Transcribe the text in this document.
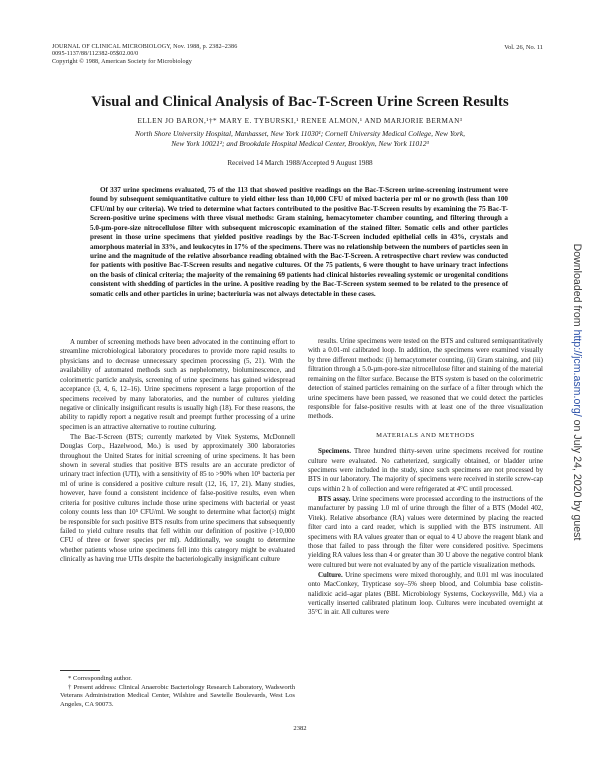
JOURNAL OF CLINICAL MICROBIOLOGY, Nov. 1988, p. 2382–2386
0095-1137/88/112382-05$02.00/0
Copyright © 1988, American Society for Microbiology
Vol. 26, No. 11
Visual and Clinical Analysis of Bac-T-Screen Urine Screen Results
ELLEN JO BARON,¹†* MARY E. TYBURSKI,¹ RENEE ALMON,¹ AND MARJORIE BERMAN³
North Shore University Hospital, Manhasset, New York 11030¹; Cornell University Medical College, New York,
New York 10021²; and Brookdale Hospital Medical Center, Brooklyn, New York 11012³
Received 14 March 1988/Accepted 9 August 1988
Of 337 urine specimens evaluated, 75 of the 113 that showed positive readings on the Bac-T-Screen urine-screening instrument were found by subsequent semiquantitative culture to yield either less than 10,000 CFU of mixed bacteria per ml or no growth (less than 100 CFU/ml by our criteria). We tried to determine what factors contributed to the positive Bac-T-Screen results by examining the 75 Bac-T-Screen-positive urine specimens with three visual methods: Gram staining, hemacytometer chamber counting, and filtering through a 5.0-µm-pore-size nitrocellulose filter with subsequent microscopic examination of the stained filter. Somatic cells and other particles present in those urine specimens that yielded positive readings by the Bac-T-Screen included epithelial cells in 43%, crystals and amorphous material in 33%, and leukocytes in 17% of the specimens. There was no relationship between the numbers of particles seen in urine and the magnitude of the relative absorbance reading obtained with the Bac-T-Screen. A retrospective chart review was conducted for patients with positive Bac-T-Screen results and negative cultures. Of the 75 patients, 6 were thought to have urinary tract infections on the basis of clinical criteria; the majority of the remaining 69 patients had clinical histories revealing systemic or urogenital conditions consistent with shedding of particles in the urine. A positive reading by the Bac-T-Screen system seemed to be related to the presence of somatic cells and other particles in urine; bacteriuria was not always detectable in these cases.

A number of screening methods have been advocated in the continuing effort to streamline microbiological laboratory procedures to provide more rapid results to physicians and to decrease unnecessary specimen processing (5, 21). With the availability of automated methods such as nephelometry, bioluminescence, and colorimetric particle analysis, screening of urine specimens has gained widespread acceptance (3, 4, 6, 12–16). Urine specimens represent a large proportion of the specimens received by many laboratories, and the number of cultures yielding negative or clinically insignificant results is usually high (18). For these reasons, the ability to rapidly report a negative result and preempt further processing of a urine specimen is an attractive alternative to routine culturing.

The Bac-T-Screen (BTS; currently marketed by Vitek Systems, McDonnell Douglas Corp., Hazelwood, Mo.) is used by approximately 300 laboratories throughout the United States for initial screening of urine specimens. It has been shown in several studies that positive BTS results are an accurate predictor of urinary tract infection (UTI), with a sensitivity of 85 to >90% when 10⁵ bacteria per ml of urine is considered a positive culture result (12, 16, 17, 21). Many studies, however, have found a consistent incidence of false-positive results, even when criteria for positive cultures include those urine specimens with bacterial or yeast colony counts less than 10⁵ CFU/ml. We sought to determine what factor(s) might be responsible for such positive BTS results from urine specimens that subsequently failed to yield culture results that fell within our definition of positive (>10,000 CFU of three or fewer species per ml). Additionally, we sought to determine whether patients whose urine specimens fell into this category might be evaluated clinically as having true UTIs despite the bacteriologically insignificant culture

results. Urine specimens were tested on the BTS and cultured semiquantitatively with a 0.01-ml calibrated loop. In addition, the specimens were examined visually by three different methods: (i) hemacytometer counting, (ii) Gram staining, and (iii) filtration through a 5.0-µm-pore-size nitrocellulose filter and staining of the material remaining on the filter surface. Because the BTS system is based on the colorimetric detection of stained particles remaining on the surface of a filter through which the urine specimens have been passed, we reasoned that we could detect the particles responsible for false-positive results with at least one of the three visualization methods.

MATERIALS AND METHODS

Specimens. Three hundred thirty-seven urine specimens received for routine culture were evaluated. No catheterized, surgically obtained, or bladder urine specimens were included in the study, since such specimens are not processed by BTS in our laboratory. The majority of specimens were received in sterile screw-cap cups within 2 h of collection and were refrigerated at 4°C until processed.

BTS assay. Urine specimens were processed according to the instructions of the manufacturer by passing 1.0 ml of urine through the filter of a BTS (Model 402, Vitek). Relative absorbance (RA) values were determined by placing the reacted filter card into a card reader, which is supplied with the BTS instrument. All specimens with RA values greater than or equal to 4 U above the reagent blank and those that failed to pass through the filter were considered positive. Specimens yielding RA values less than 4 or greater than 30 U above the negative control blank were cultured but were not evaluated by any of the particle visualization methods.

Culture. Urine specimens were mixed thoroughly, and 0.01 ml was inoculated onto MacConkey, Trypticase soy–5% sheep blood, and Columbia base colistin-nalidixic acid–agar plates (BBL Microbiology Systems, Cockeysville, Md.) via a vertically inserted calibrated platinum loop. Cultures were incubated overnight at 35°C in air. All cultures were

* Corresponding author.

† Present address: Clinical Anaerobic Bacteriology Research Laboratory, Wadsworth Veterans Administration Medical Center, Wilshire and Sawtelle Boulevards, West Los Angeles, CA 90073.

2382
Downloaded from http://jcm.asm.org/ on July 24, 2020 by guest
